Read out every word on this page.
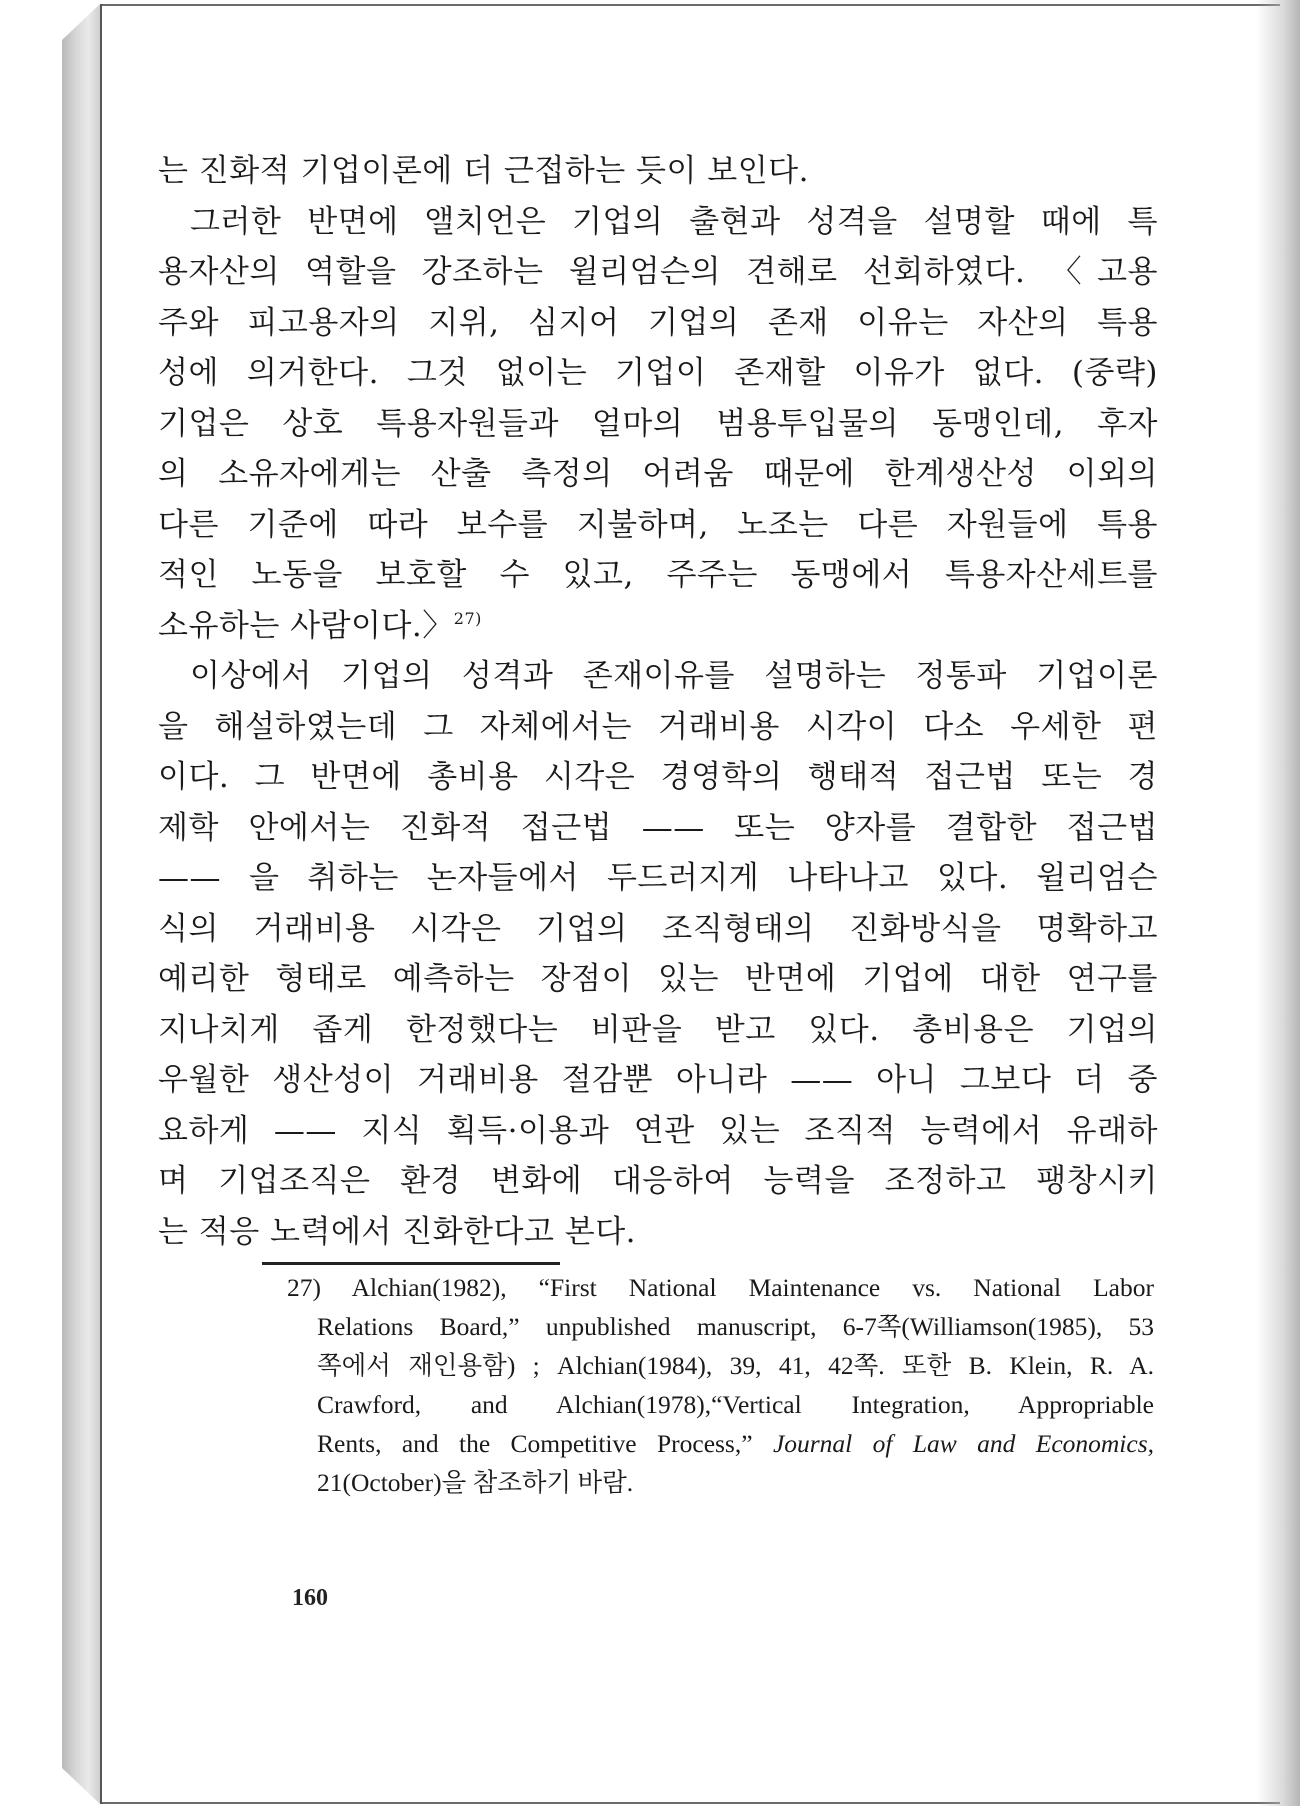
는 진화적 기업이론에 더 근접하는 듯이 보인다.
그러한 반면에 앨치언은 기업의 출현과 성격을 설명할 때에 특
용자산의 역할을 강조하는 윌리엄슨의 견해로 선회하였다. 〈고용
주와 피고용자의 지위, 심지어 기업의 존재 이유는 자산의 특용
성에 의거한다. 그것 없이는 기업이 존재할 이유가 없다. (중략)
기업은 상호 특용자원들과 얼마의 범용투입물의 동맹인데, 후자
의 소유자에게는 산출 측정의 어려움 때문에 한계생산성 이외의
다른 기준에 따라 보수를 지불하며, 노조는 다른 자원들에 특용
적인 노동을 보호할 수 있고, 주주는 동맹에서 특용자산세트를
소유하는 사람이다.〉$^{27)}$
이상에서 기업의 성격과 존재이유를 설명하는 정통파 기업이론
을 해설하였는데 그 자체에서는 거래비용 시각이 다소 우세한 편
이다. 그 반면에 총비용 시각은 경영학의 행태적 접근법 또는 경
제학 안에서는 진화적 접근법 —— 또는 양자를 결합한 접근법
—— 을 취하는 논자들에서 두드러지게 나타나고 있다. 윌리엄슨
식의 거래비용 시각은 기업의 조직형태의 진화방식을 명확하고
예리한 형태로 예측하는 장점이 있는 반면에 기업에 대한 연구를
지나치게 좁게 한정했다는 비판을 받고 있다. 총비용은 기업의
우월한 생산성이 거래비용 절감뿐 아니라 —— 아니 그보다 더 중
요하게 —— 지식 획득·이용과 연관 있는 조직적 능력에서 유래하
며 기업조직은 환경 변화에 대응하여 능력을 조정하고 팽창시키
는 적응 노력에서 진화한다고 본다.
27) Alchian(1982), “First National Maintenance vs. National Labor
Relations Board,” unpublished manuscript, 6-7쪽(Williamson(1985), 53
쪽에서 재인용함) ; Alchian(1984), 39, 41, 42쪽. 또한 B. Klein, R. A.
Crawford, and Alchian(1978),“Vertical Integration, Appropriable
Rents, and the Competitive Process,” Journal of Law and Economics,
21(October)을 참조하기 바람.
160
